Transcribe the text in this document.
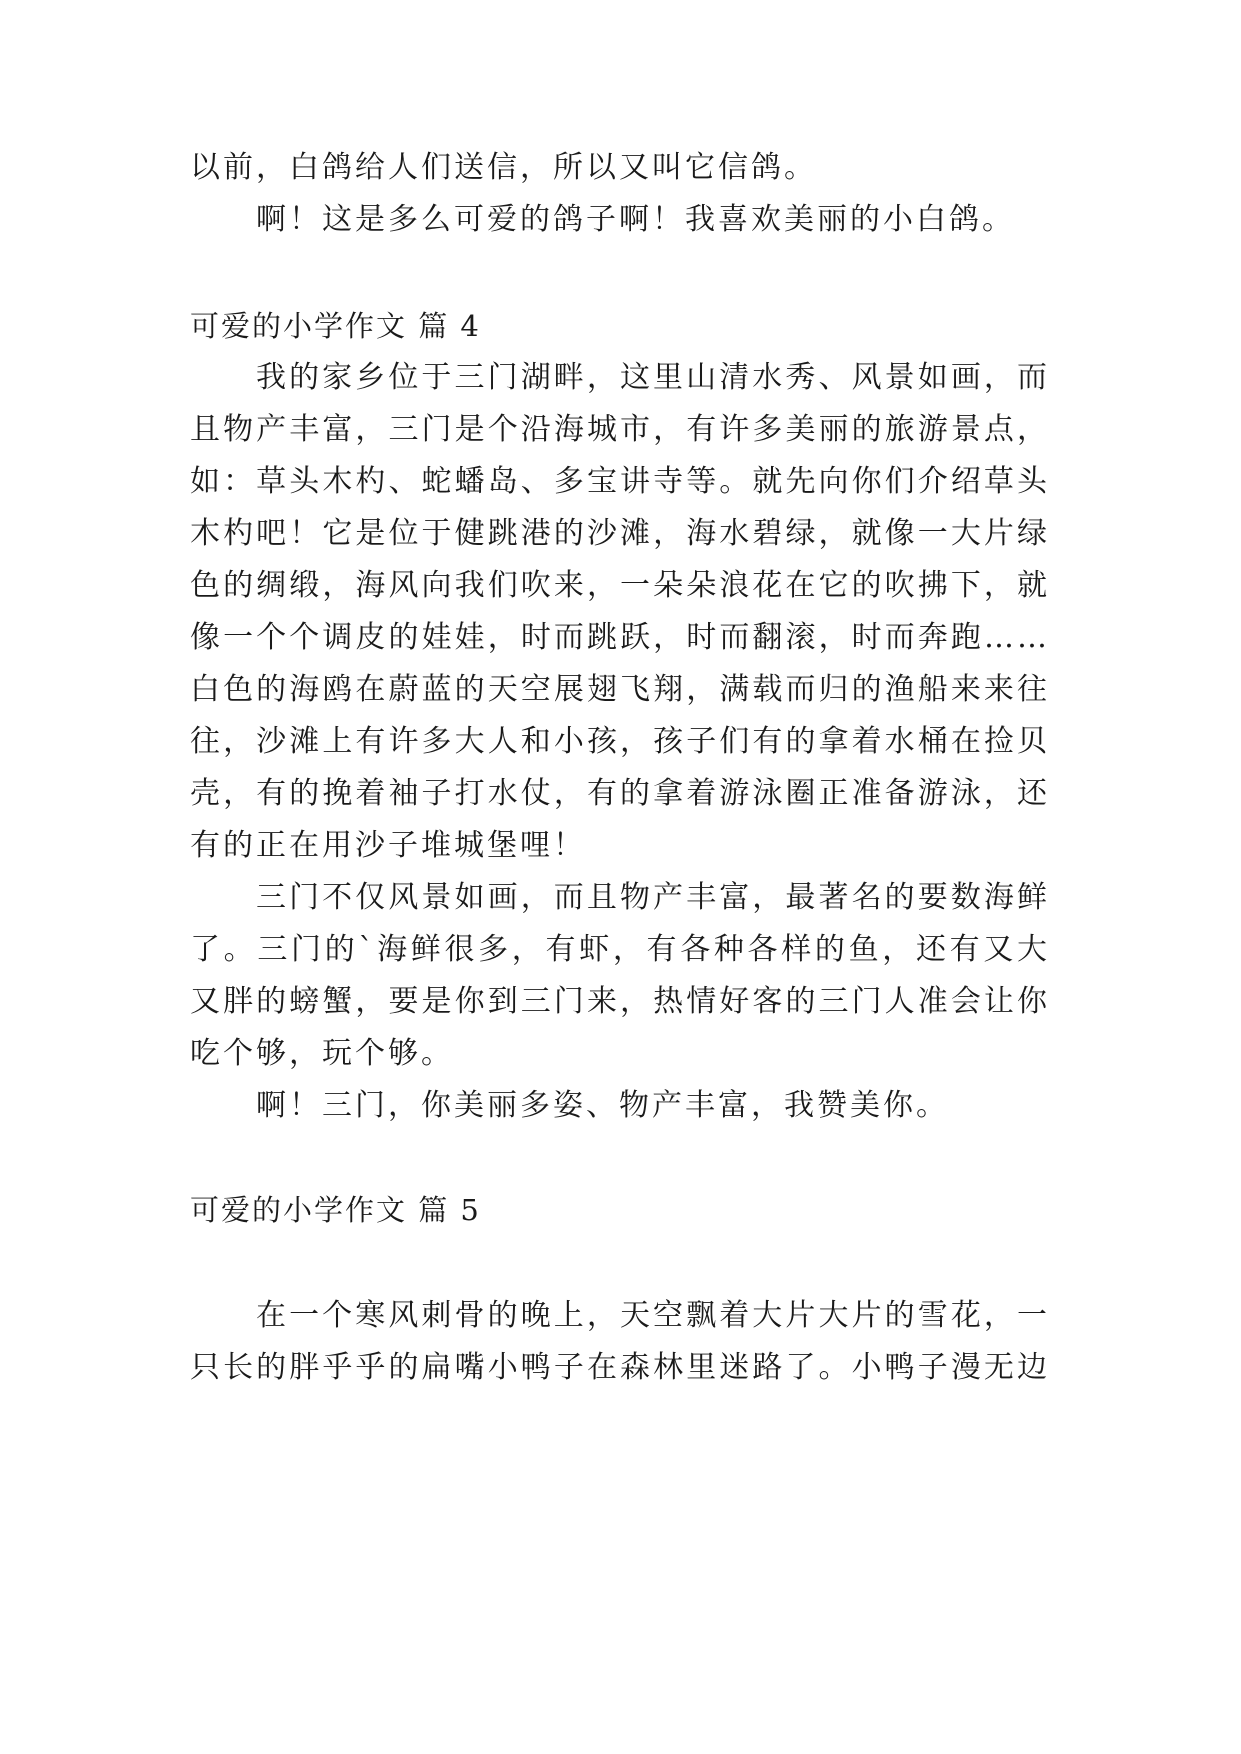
以前，白鸽给人们送信，所以又叫它信鸽。
啊！这是多么可爱的鸽子啊！我喜欢美丽的小白鸽。
可爱的小学作文 篇 4
我的家乡位于三门湖畔，这里山清水秀、风景如画，而
且物产丰富，三门是个沿海城市，有许多美丽的旅游景点，
如：草头木杓、蛇蟠岛、多宝讲寺等。就先向你们介绍草头
木杓吧！它是位于健跳港的沙滩，海水碧绿，就像一大片绿
色的绸缎，海风向我们吹来，一朵朵浪花在它的吹拂下，就
像一个个调皮的娃娃，时而跳跃，时而翻滚，时而奔跑……
白色的海鸥在蔚蓝的天空展翅飞翔，满载而归的渔船来来往
往，沙滩上有许多大人和小孩，孩子们有的拿着水桶在捡贝
壳，有的挽着袖子打水仗，有的拿着游泳圈正准备游泳，还
有的正在用沙子堆城堡哩！
三门不仅风景如画，而且物产丰富，最著名的要数海鲜
了。三门的`海鲜很多，有虾，有各种各样的鱼，还有又大
又胖的螃蟹，要是你到三门来，热情好客的三门人准会让你
吃个够，玩个够。
啊！三门，你美丽多姿、物产丰富，我赞美你。
可爱的小学作文 篇 5
在一个寒风刺骨的晚上，天空飘着大片大片的雪花，一
只长的胖乎乎的扁嘴小鸭子在森林里迷路了。小鸭子漫无边
